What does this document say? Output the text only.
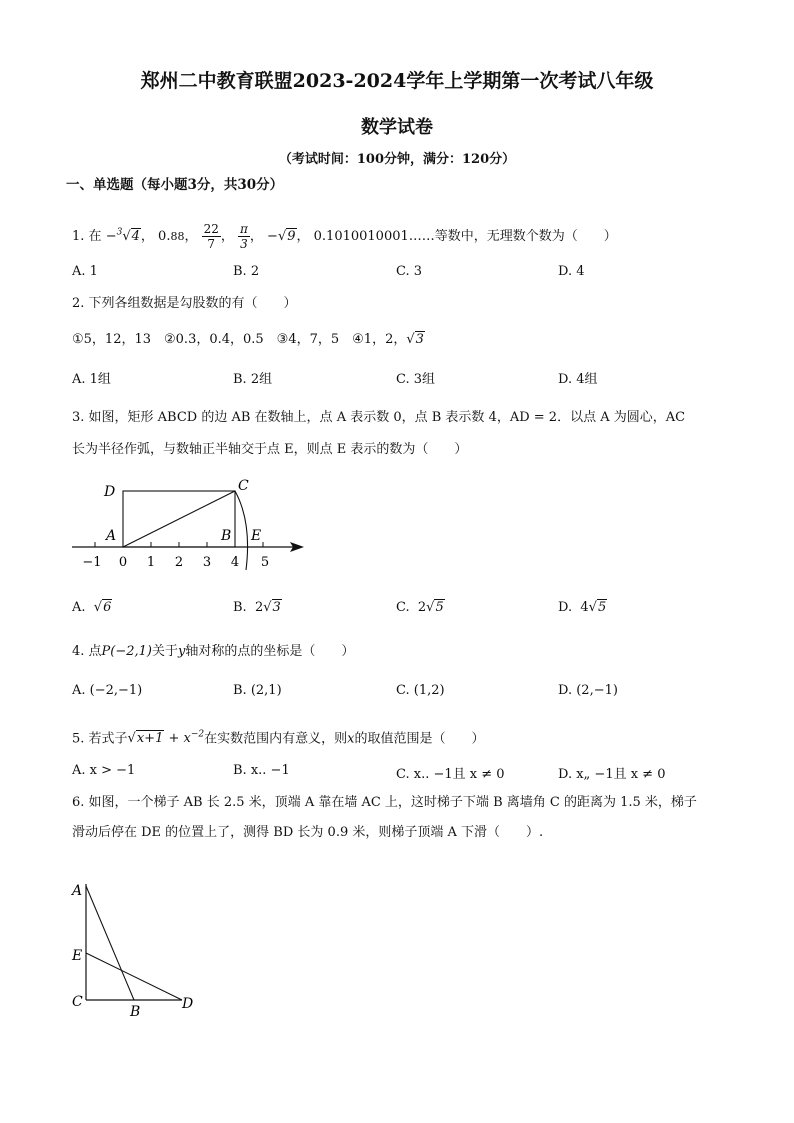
郑州二中教育联盟2023-2024学年上学期第一次考试八年级
数学试卷
（考试时间：100分钟，满分：120分）
一、单选题（每小题3分，共30分）
1. 在 −$^3$√4， 0.88， $\frac{22}{7}$ ， $\frac{\pi}{3}$ ， −√9， 0.1010010001……等数中，无理数个数为（　　）
A. 1	B. 2	C. 3	D. 4
2. 下列各组数据是勾股数的有（　　）
①5，12，13　②0.3，0.4，0.5　③4，7，5　④1，2，√3
A. 1组	B. 2组	C. 3组	D. 4组
3. 如图，矩形 ABCD 的边 AB 在数轴上，点 A 表示数 0，点 B 表示数 4，AD = 2．以点 A 为圆心，AC
长为半径作弧，与数轴正半轴交于点 E，则点 E 表示的数为（　　）
D	C
A	B E
−1 0 1 2 3 4 5
A. √6	B. 2√3	C. 2√5	D. 4√5
4. 点P(−2,1)关于y轴对称的点的坐标是（　　）
A. (−2,−1)	B. (2,1)	C. (1,2)	D. (2,−1)
5. 若式子$√x+1 + x^{-2}$在实数范围内有意义，则x的取值范围是（　　）
A. x > −1	B. x.. −1	C. x.. −1且 x ≠ 0	D. x„ −1且 x ≠ 0
6. 如图，一个梯子 AB 长 2.5 米，顶端 A 靠在墙 AC 上，这时梯子下端 B 离墙角 C 的距离为 1.5 米，梯子
滑动后停在 DE 的位置上了，测得 BD 长为 0.9 米，则梯子顶端 A 下滑（　　）.
A
E
C
B	D
